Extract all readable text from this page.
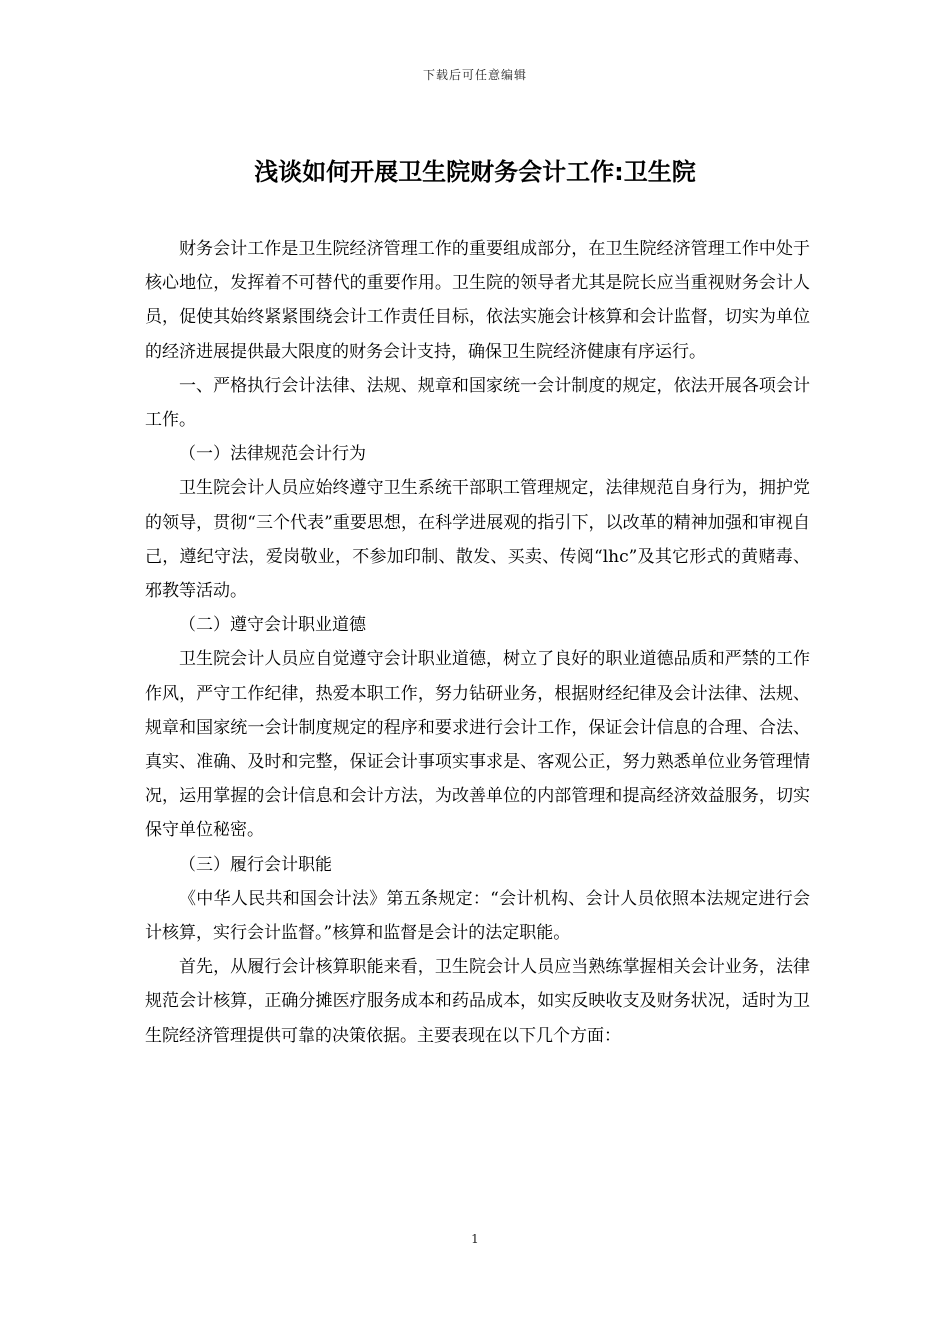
下载后可任意编辑
浅谈如何开展卫生院财务会计工作:卫生院

财务会计工作是卫生院经济管理工作的重要组成部分，在卫生院经济管理工作中处于核心地位，发挥着不可替代的重要作用。卫生院的领导者尤其是院长应当重视财务会计人员，促使其始终紧紧围绕会计工作责任目标，依法实施会计核算和会计监督，切实为单位的经济进展提供最大限度的财务会计支持，确保卫生院经济健康有序运行。

一、严格执行会计法律、法规、规章和国家统一会计制度的规定，依法开展各项会计工作。

（一）法律规范会计行为

卫生院会计人员应始终遵守卫生系统干部职工管理规定，法律规范自身行为，拥护党的领导，贯彻“三个代表”重要思想，在科学进展观的指引下，以改革的精神加强和审视自己，遵纪守法，爱岗敬业，不参加印制、散发、买卖、传阅“lhc”及其它形式的黄赌毒、邪教等活动。

（二）遵守会计职业道德

卫生院会计人员应自觉遵守会计职业道德，树立了良好的职业道德品质和严禁的工作作风，严守工作纪律，热爱本职工作，努力钻研业务，根据财经纪律及会计法律、法规、规章和国家统一会计制度规定的程序和要求进行会计工作，保证会计信息的合理、合法、真实、准确、及时和完整，保证会计事项实事求是、客观公正，努力熟悉单位业务管理情况，运用掌握的会计信息和会计方法，为改善单位的内部管理和提高经济效益服务，切实保守单位秘密。

（三）履行会计职能

《中华人民共和国会计法》第五条规定：“会计机构、会计人员依照本法规定进行会计核算，实行会计监督。”核算和监督是会计的法定职能。

首先，从履行会计核算职能来看，卫生院会计人员应当熟练掌握相关会计业务，法律规范会计核算，正确分摊医疗服务成本和药品成本，如实反映收支及财务状况，适时为卫生院经济管理提供可靠的决策依据。主要表现在以下几个方面：

1
